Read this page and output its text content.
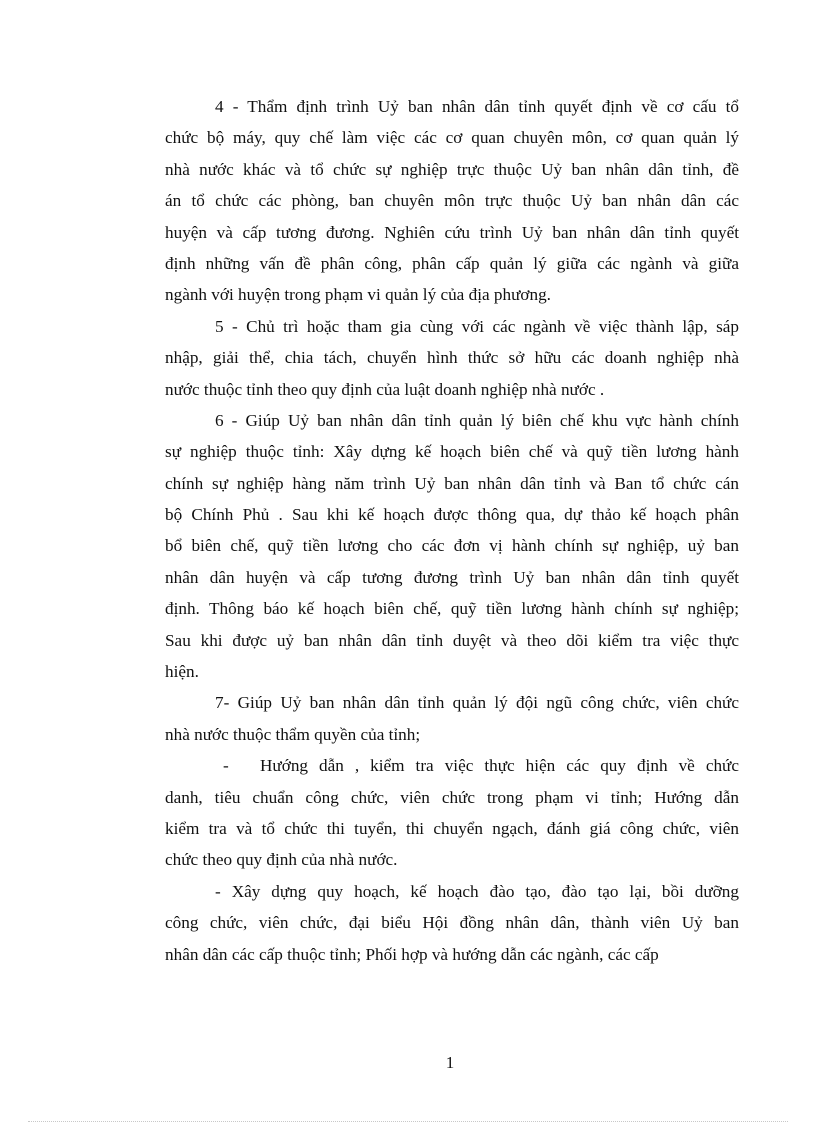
4 - Thẩm định trình Uỷ ban nhân dân tỉnh quyết định về cơ cấu tổ
chức bộ máy, quy chế làm việc các cơ quan chuyên môn, cơ quan quản lý
nhà nước khác và tổ chức sự nghiệp trực thuộc Uỷ ban nhân dân tỉnh, đề
án tổ chức các phòng, ban chuyên môn trực thuộc Uỷ ban nhân dân các
huyện và cấp tương đương. Nghiên cứu trình Uỷ ban nhân dân tỉnh quyết
định những vấn đề phân công, phân cấp quản lý giữa các ngành và giữa
ngành với huyện trong phạm vi quản lý của địa phương.
5 - Chủ trì hoặc tham gia cùng với các ngành về việc thành lập, sáp
nhập, giải thể, chia tách, chuyển hình thức sở hữu các doanh nghiệp nhà
nước thuộc tỉnh theo quy định của luật doanh nghiệp nhà nước .
6 - Giúp Uỷ ban nhân dân tỉnh quản lý biên chế khu vực hành chính
sự nghiệp thuộc tỉnh: Xây dựng kế hoạch biên chế và quỹ tiền lương hành
chính sự nghiệp hàng năm trình Uỷ ban nhân dân tỉnh và Ban tổ chức cán
bộ Chính Phủ . Sau khi kế hoạch được thông qua, dự thảo kế hoạch phân
bổ biên chế, quỹ tiền lương cho các đơn vị hành chính sự nghiệp, uỷ ban
nhân dân huyện và cấp tương đương trình Uỷ ban nhân dân tỉnh quyết
định. Thông báo kế hoạch biên chế, quỹ tiền lương hành chính sự nghiệp;
Sau khi được uỷ ban nhân dân tỉnh duyệt và theo dõi kiểm tra việc thực
hiện.
7- Giúp Uỷ ban nhân dân tỉnh quản lý đội ngũ công chức, viên chức
nhà nước thuộc thẩm quyền của tỉnh;
-	Hướng dẫn , kiểm tra việc thực hiện các quy định về chức
danh, tiêu chuẩn công chức, viên chức trong phạm vi tỉnh; Hướng dẫn
kiểm tra và tổ chức thi tuyển, thi chuyển ngạch, đánh giá công chức, viên
chức theo quy định của nhà nước.
- Xây dựng quy hoạch, kế hoạch đào tạo, đào tạo lại, bồi dưỡng
công chức, viên chức, đại biểu Hội đồng nhân dân, thành viên Uỷ ban
nhân dân các cấp thuộc tỉnh; Phối hợp và hướng dẫn các ngành, các cấp
1
